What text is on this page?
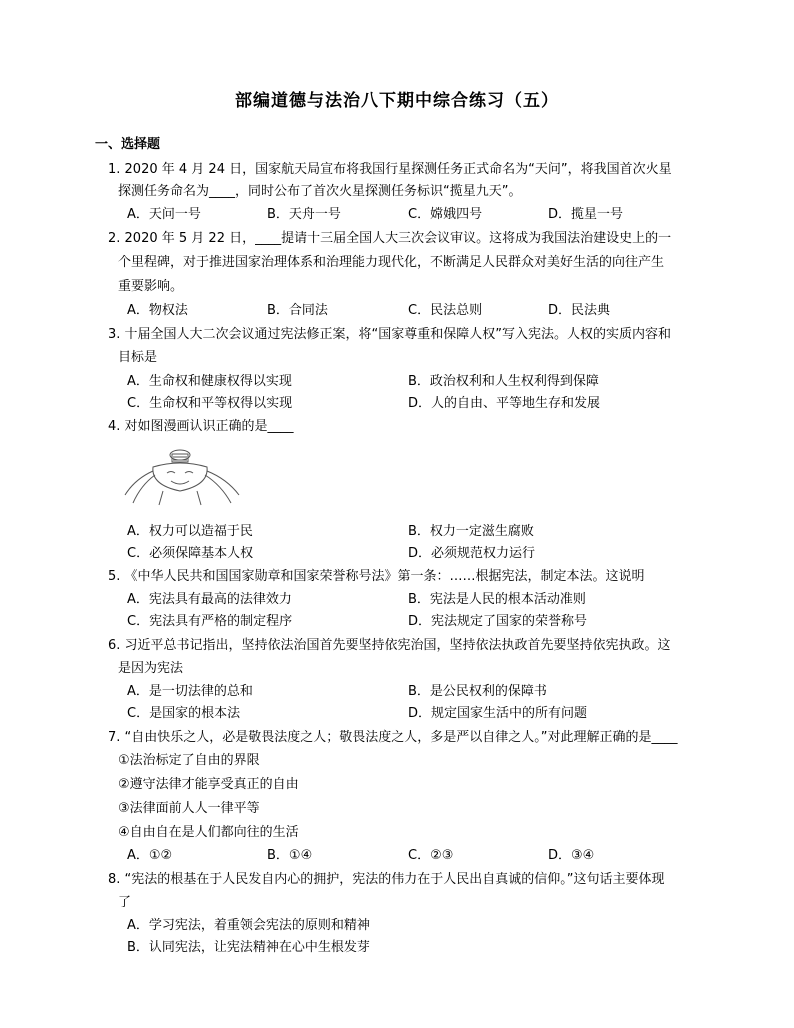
部编道德与法治八下期中综合练习（五）
一、选择题
1. 2020 年 4 月 24 日，国家航天局宣布将我国行星探测任务正式命名为“天问”，将我国首次火星
探测任务命名为____，同时公布了首次火星探测任务标识“揽星九天”。
A．天问一号	B．天舟一号	C．嫦娥四号	D．揽星一号
2. 2020 年 5 月 22 日，____提请十三届全国人大三次会议审议。这将成为我国法治建设史上的一
个里程碑，对于推进国家治理体系和治理能力现代化，不断满足人民群众对美好生活的向往产生
重要影响。
A．物权法	B．合同法	C．民法总则	D．民法典
3. 十届全国人大二次会议通过宪法修正案，将“国家尊重和保障人权”写入宪法。人权的实质内容和
目标是
A．生命权和健康权得以实现	B．政治权利和人生权利得到保障
C．生命权和平等权得以实现	D．人的自由、平等地生存和发展
4. 对如图漫画认识正确的是____
A．权力可以造福于民	B．权力一定滋生腐败
C．必须保障基本人权	D．必须规范权力运行
5. 《中华人民共和国国家勋章和国家荣誉称号法》第一条：……根据宪法，制定本法。这说明
A．宪法具有最高的法律效力	B．宪法是人民的根本活动准则
C．宪法具有严格的制定程序	D．宪法规定了国家的荣誉称号
6. 习近平总书记指出，坚持依法治国首先要坚持依宪治国，坚持依法执政首先要坚持依宪执政。这
是因为宪法
A．是一切法律的总和	B．是公民权利的保障书
C．是国家的根本法	D．规定国家生活中的所有问题
7. “自由快乐之人，必是敬畏法度之人；敬畏法度之人，多是严以自律之人。”对此理解正确的是____
①法治标定了自由的界限
②遵守法律才能享受真正的自由
③法律面前人人一律平等
④自由自在是人们都向往的生活
A．①②	B．①④	C．②③	D．③④
8. “宪法的根基在于人民发自内心的拥护，宪法的伟力在于人民出自真诚的信仰。”这句话主要体现
了
A．学习宪法，着重领会宪法的原则和精神
B．认同宪法，让宪法精神在心中生根发芽
